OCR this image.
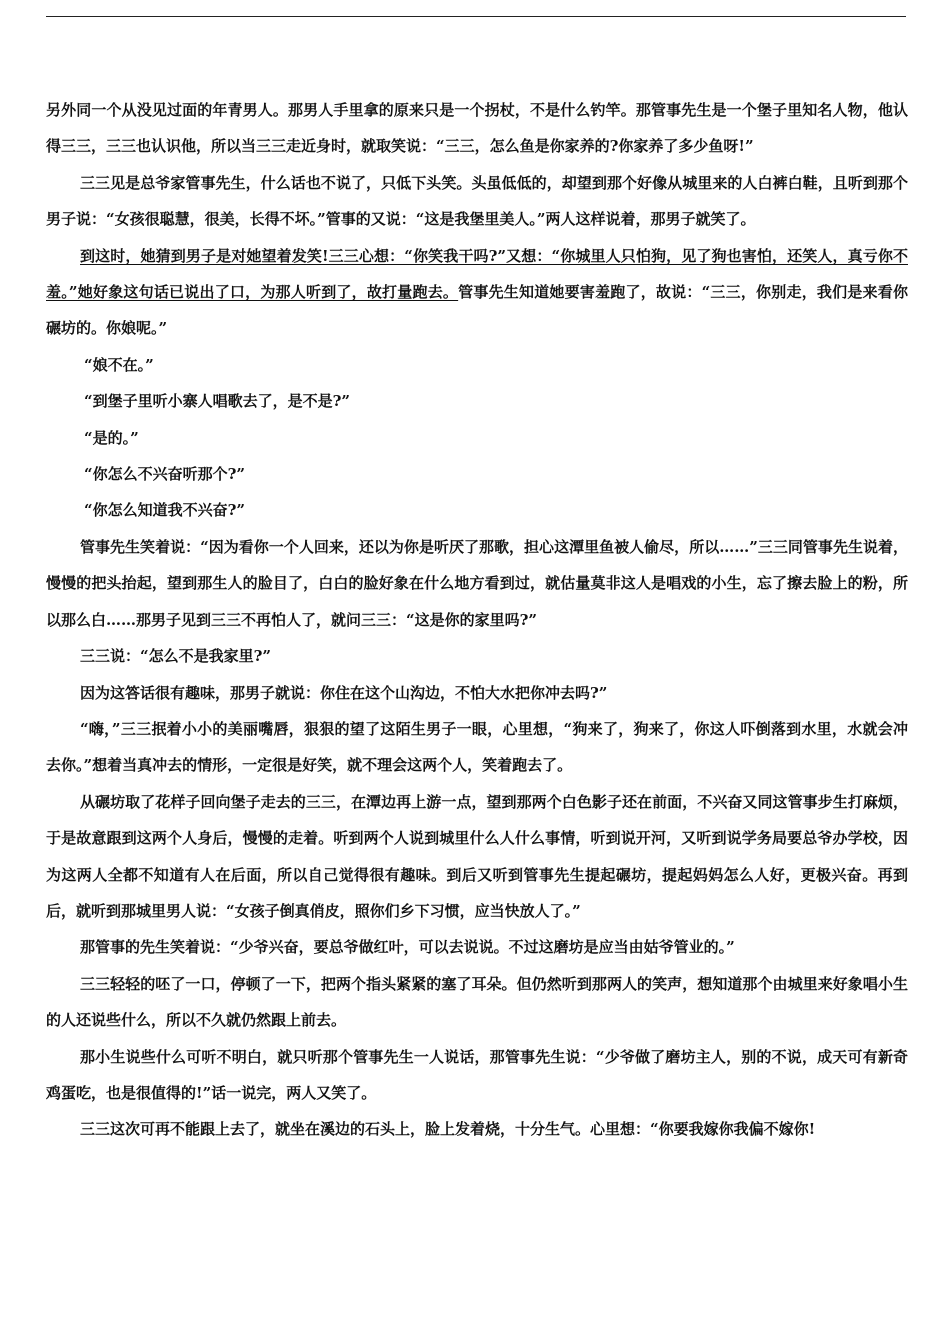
另外同一个从没见过面的年青男人。那男人手里拿的原来只是一个拐杖，不是什么钓竿。那管事先生是一个堡子里知名人物，他认得三三，三三也认识他，所以当三三走近身时，就取笑说：“三三，怎么鱼是你家养的?你家养了多少鱼呀!”

三三见是总爷家管事先生，什么话也不说了，只低下头笑。头虽低低的，却望到那个好像从城里来的人白裤白鞋，且听到那个男子说：“女孩很聪慧，很美，长得不坏。”管事的又说：“这是我堡里美人。”两人这样说着，那男子就笑了。

到这时，她猜到男子是对她望着发笑!三三心想：“你笑我干吗?”又想：“你城里人只怕狗，见了狗也害怕，还笑人，真亏你不羞。”她好象这句话已说出了口，为那人听到了，故打量跑去。管事先生知道她要害羞跑了，故说：“三三，你别走，我们是来看你碾坊的。你娘呢。”

“娘不在。”

“到堡子里听小寨人唱歌去了，是不是?”

“是的。”

“你怎么不兴奋听那个?”

“你怎么知道我不兴奋?”

管事先生笑着说：“因为看你一个人回来，还以为你是听厌了那歌，担心这潭里鱼被人偷尽，所以……”三三同管事先生说着，慢慢的把头抬起，望到那生人的脸目了，白白的脸好象在什么地方看到过，就估量莫非这人是唱戏的小生，忘了擦去脸上的粉，所以那么白……那男子见到三三不再怕人了，就问三三：“这是你的家里吗?”

三三说：“怎么不是我家里?”

因为这答话很有趣味，那男子就说：你住在这个山沟边，不怕大水把你冲去吗?”

“嗨，”三三抿着小小的美丽嘴唇，狠狠的望了这陌生男子一眼，心里想，“狗来了，狗来了，你这人吓倒落到水里，水就会冲去你。”想着当真冲去的情形，一定很是好笑，就不理会这两个人，笑着跑去了。

从碾坊取了花样子回向堡子走去的三三，在潭边再上游一点，望到那两个白色影子还在前面，不兴奋又同这管事步生打麻烦，于是故意跟到这两个人身后，慢慢的走着。听到两个人说到城里什么人什么事情，听到说开河，又听到说学务局要总爷办学校，因为这两人全都不知道有人在后面，所以自己觉得很有趣味。到后又听到管事先生提起碾坊，提起妈妈怎么人好，更极兴奋。再到后，就听到那城里男人说：“女孩子倒真俏皮，照你们乡下习惯，应当快放人了。”

那管事的先生笑着说：“少爷兴奋，要总爷做红叶，可以去说说。不过这磨坊是应当由姑爷管业的。”

三三轻轻的呸了一口，停顿了一下，把两个指头紧紧的塞了耳朵。但仍然听到那两人的笑声，想知道那个由城里来好象唱小生的人还说些什么，所以不久就仍然跟上前去。

那小生说些什么可听不明白，就只听那个管事先生一人说话，那管事先生说：“少爷做了磨坊主人，别的不说，成天可有新奇鸡蛋吃，也是很值得的!”话一说完，两人又笑了。

三三这次可再不能跟上去了，就坐在溪边的石头上，脸上发着烧，十分生气。心里想：“你要我嫁你我偏不嫁你!
